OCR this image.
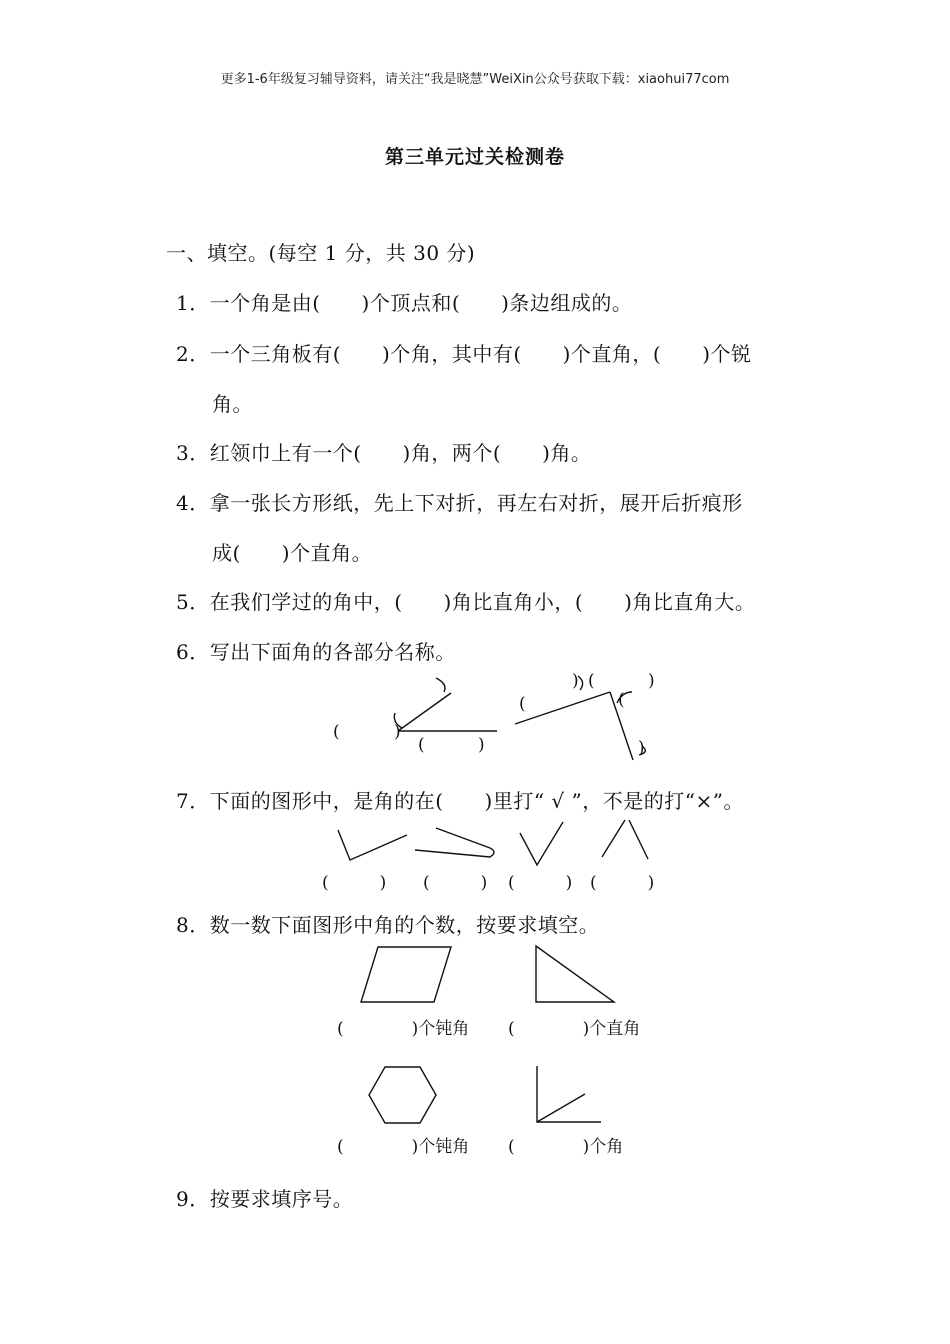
更多1-6年级复习辅导资料，请关注“我是晓慧”WeiXin公众号获取下载：xiaohui77com
第三单元过关检测卷
一、填空。(每空 1 分，共 30 分)
1．一个角是由(　　)个顶点和(　　)条边组成的。
2．一个三角板有(　　)个角，其中有(　　)个直角，(　　)个锐
角。
3．红领巾上有一个(　　)角，两个(　　)角。
4．拿一张长方形纸，先上下对折，再左右对折，展开后折痕形
成(　　)个直角。
5．在我们学过的角中，(　　)角比直角小，(　　)角比直角大。
6．写出下面角的各部分名称。
(	)
(	)
(
) (	)
(
)
7．下面的图形中，是角的在(　　)里打“ √ ”，不是的打“×”。
(　　　) (　　　) (　　　) (　　　)
8．数一数下面图形中角的个数，按要求填空。
(　　　　)个钝角 (　　　　)个直角
(　　　　)个钝角 (　　　　)个角
9．按要求填序号。
